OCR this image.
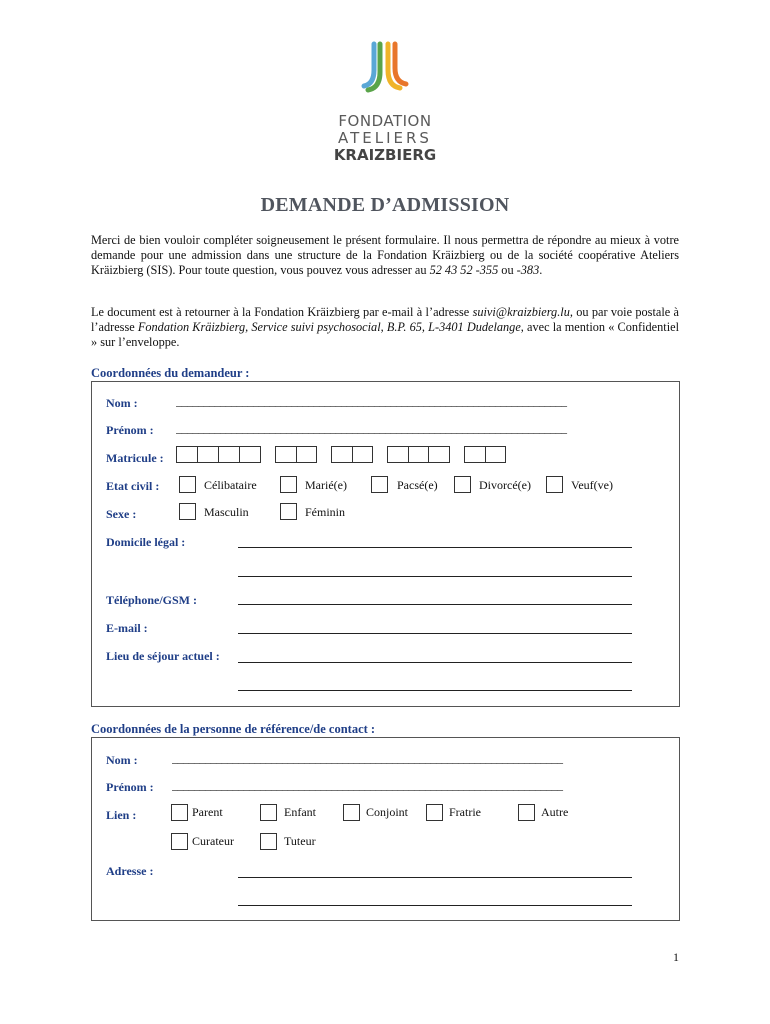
FONDATION
ATELIERS
KRAIZBIERG
DEMANDE D’ADMISSION
Merci de bien vouloir compléter soigneusement le présent formulaire. Il nous permettra de répondre au mieux à votre demande pour une admission dans une structure de la Fondation Kräizbierg ou de la société coopérative Ateliers Kräizbierg (SIS). Pour toute question, vous pouvez vous adresser au 52 43 52 -355 ou -383.
Le document est à retourner à la Fondation Kräizbierg par e-mail à l’adresse suivi@kraizbierg.lu, ou par voie postale à l’adresse Fondation Kräizbierg, Service suivi psychosocial, B.P. 65, L-3401 Dudelange, avec la mention « Confidentiel » sur l’enveloppe.
Coordonnées du demandeur :
Nom :	_______________________________________________________________________
Prénom : _______________________________________________________________________
Matricule :
Etat civil :	Célibataire	Marié(e)	Pacsé(e)	Divorcé(e)	Veuf(ve)
Sexe :	Masculin	Féminin
Domicile légal :
Téléphone/GSM :
E-mail :
Lieu de séjour actuel :
Coordonnées de la personne de référence/de contact :
Nom :	_______________________________________________________________________
Prénom : _______________________________________________________________________
Lien :	Parent	Enfant	Conjoint	Fratrie	Autre
Curateur	Tuteur
Adresse :
1
